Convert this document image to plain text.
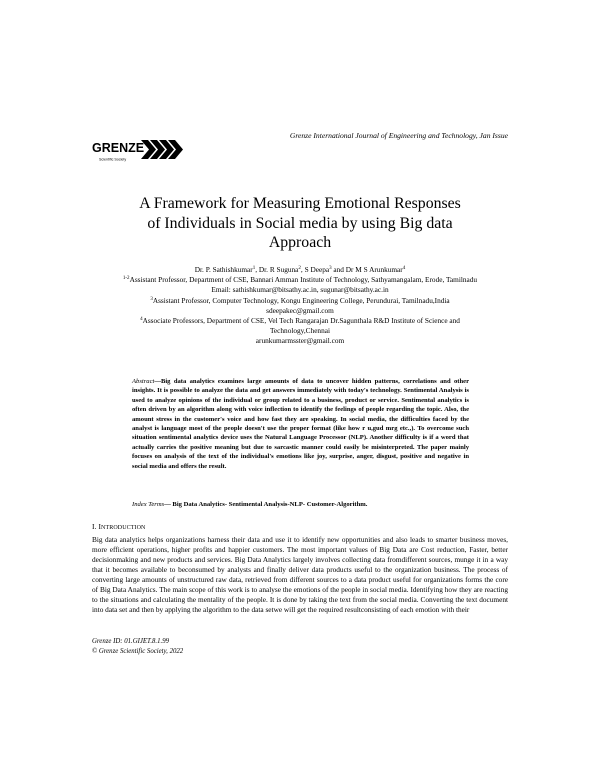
Grenze International Journal of Engineering and Technology, Jan Issue
GRENZE
Scientific Society
A Framework for Measuring Emotional Responses
of Individuals in Social media by using Big data
Approach
Dr. P. Sathishkumar$^1$, Dr. R Suguna$^2$, S Deepa$^3$ and Dr M S Arunkumar$^4$
$^{1-2}$Assistant Professor, Department of CSE, Bannari Amman Institute of Technology, Sathyamangalam, Erode, Tamilnadu
Email: sathishkumar@bitsathy.ac.in, sugunar@bitsathy.ac.in
$^3$Assistant Professor, Computer Technology, Kongu Engineering College, Perundurai, Tamilnadu,India
sdeepakec@gmail.com
$^4$Associate Professors, Department of CSE, Vel Tech Rangarajan Dr.Sagunthala R&D Institute of Science and
Technology,Chennai
arunkumarmsster@gmail.com
Abstract—Big data analytics examines large amounts of data to uncover hidden patterns, correlations and other insights. It is possible to analyze the data and get answers immediately with today's technology. Sentimental Analysis is used to analyze opinions of the individual or group related to a business, product or service. Sentimental analytics is often driven by an algorithm along with voice inflection to identify the feelings of people regarding the topic. Also, the amount stress in the customer's voice and how fast they are speaking. In social media, the difficulties faced by the analyst is language most of the people doesn't use the proper format (like how r u,gud mrg etc.,). To overcome such situation sentimental analytics device uses the Natural Language Processor (NLP). Another difficulty is if a word that actually carries the positive meaning but due to sarcastic manner could easily be misinterpreted. The paper mainly focuses on analysis of the text of the individual's emotions like joy, surprise, anger, disgust, positive and negative in social media and offers the result.
Index Terms— Big Data Analytics- Sentimental Analysis-NLP- Customer-Algorithm.
I. INTRODUCTION
Big data analytics helps organizations harness their data and use it to identify new opportunities and also leads to smarter business moves, more efficient operations, higher profits and happier customers. The most important values of Big Data are Cost reduction, Faster, better decisionmaking and new products and services. Big Data Analytics largely involves collecting data fromdifferent sources, munge it in a way that it becomes available to beconsumed by analysts and finally deliver data products useful to the organization business. The process of converting large amounts of unstructured raw data, retrieved from different sources to a data product useful for organizations forms the core of Big Data Analytics. The main scope of this work is to analyse the emotions of the people in social media. Identifying how they are reacting to the situations and calculating the mentality of the people. It is done by taking the text from the social media. Converting the text document into data set and then by applying the algorithm to the data setwe will get the required resultconsisting of each emotion with their
Grenze ID: 01.GIJET.8.1.99
© Grenze Scientific Society, 2022
